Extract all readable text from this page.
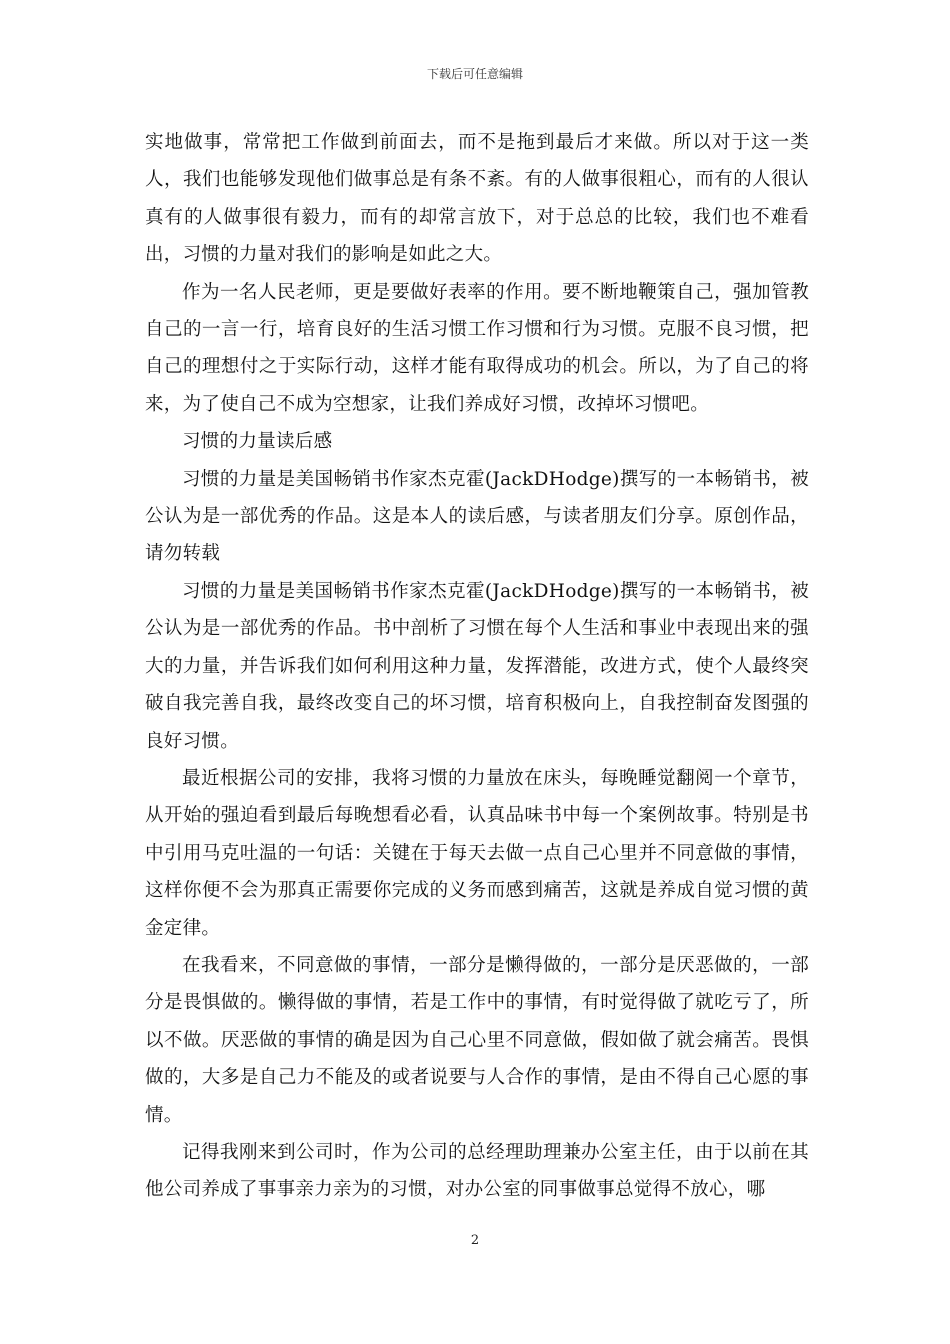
下载后可任意编辑

实地做事，常常把工作做到前面去，而不是拖到最后才来做。所以对于这一类人，我们也能够发现他们做事总是有条不紊。有的人做事很粗心，而有的人很认真有的人做事很有毅力，而有的却常言放下，对于总总的比较，我们也不难看出，习惯的力量对我们的影响是如此之大。

作为一名人民老师，更是要做好表率的作用。要不断地鞭策自己，强加管教自己的一言一行，培育良好的生活习惯工作习惯和行为习惯。克服不良习惯，把自己的理想付之于实际行动，这样才能有取得成功的机会。所以，为了自己的将来，为了使自己不成为空想家，让我们养成好习惯，改掉坏习惯吧。

习惯的力量读后感

习惯的力量是美国畅销书作家杰克霍(JackDHodge)撰写的一本畅销书，被公认为是一部优秀的作品。这是本人的读后感，与读者朋友们分享。原创作品，请勿转载

习惯的力量是美国畅销书作家杰克霍(JackDHodge)撰写的一本畅销书，被公认为是一部优秀的作品。书中剖析了习惯在每个人生活和事业中表现出来的强大的力量，并告诉我们如何利用这种力量，发挥潜能，改进方式，使个人最终突破自我完善自我，最终改变自己的坏习惯，培育积极向上，自我控制奋发图强的良好习惯。

最近根据公司的安排，我将习惯的力量放在床头，每晚睡觉翻阅一个章节，从开始的强迫看到最后每晚想看必看，认真品味书中每一个案例故事。特别是书中引用马克吐温的一句话：关键在于每天去做一点自己心里并不同意做的事情，这样你便不会为那真正需要你完成的义务而感到痛苦，这就是养成自觉习惯的黄金定律。

在我看来，不同意做的事情，一部分是懒得做的，一部分是厌恶做的，一部分是畏惧做的。懒得做的事情，若是工作中的事情，有时觉得做了就吃亏了，所以不做。厌恶做的事情的确是因为自己心里不同意做，假如做了就会痛苦。畏惧做的，大多是自己力不能及的或者说要与人合作的事情，是由不得自己心愿的事情。

记得我刚来到公司时，作为公司的总经理助理兼办公室主任，由于以前在其他公司养成了事事亲力亲为的习惯，对办公室的同事做事总觉得不放心，哪

2
